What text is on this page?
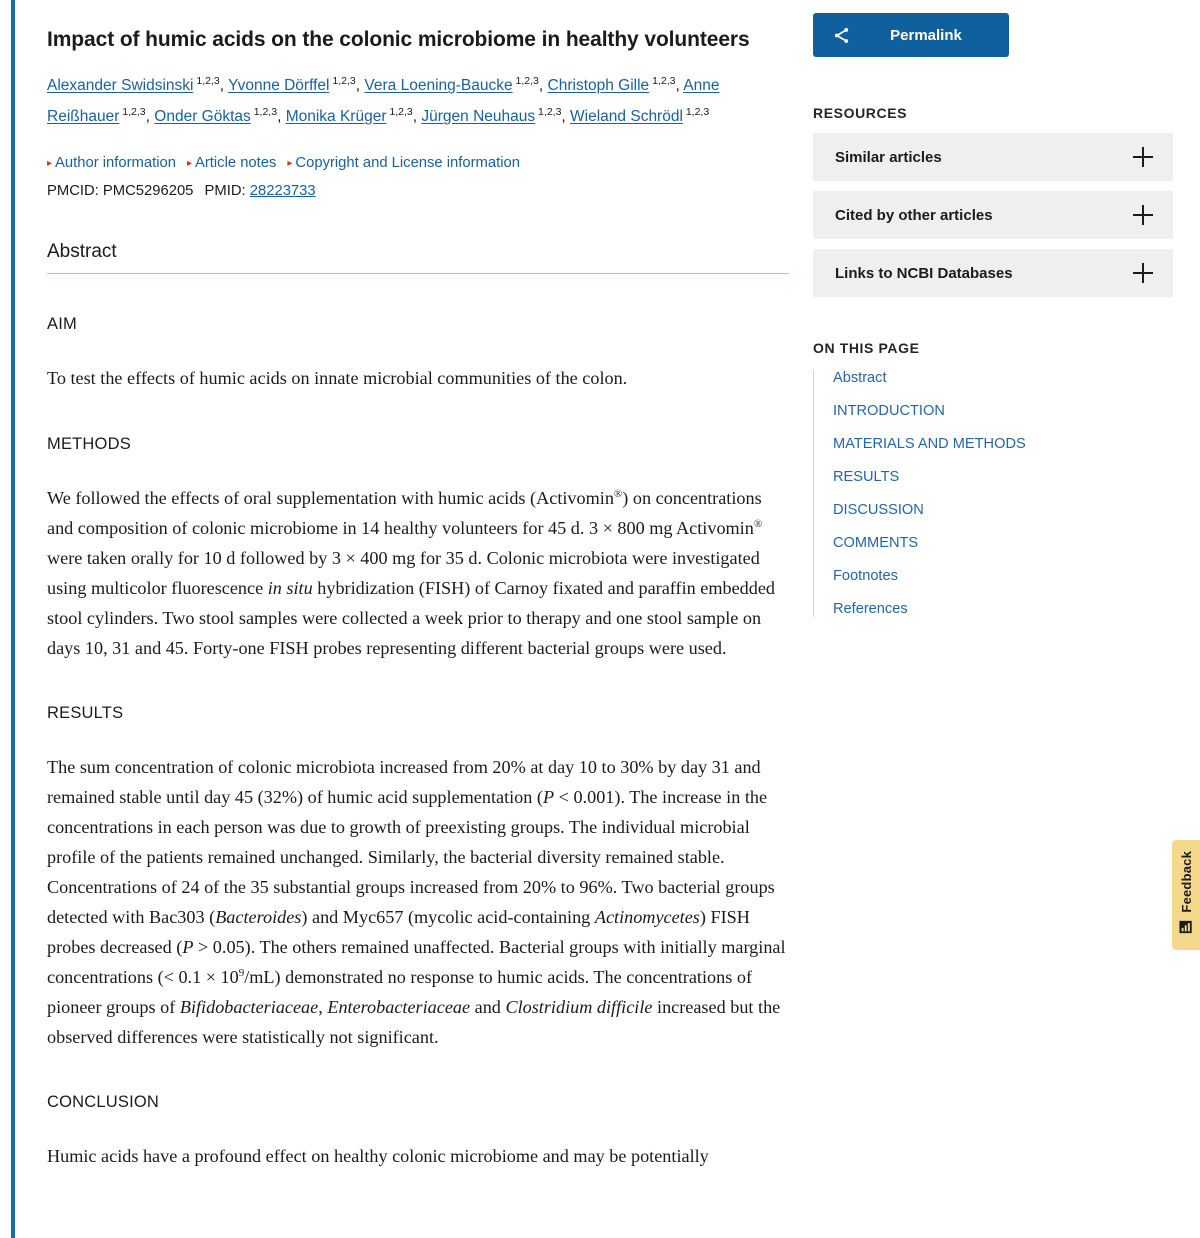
Impact of humic acids on the colonic microbiome in healthy volunteers
Alexander Swidsinski $^{1,2,3}$, Yvonne Dörffel $^{1,2,3}$, Vera Loening-Baucke $^{1,2,3}$, Christoph Gille $^{1,2,3}$, Anne Reißhauer $^{1,2,3}$, Onder Göktas $^{1,2,3}$, Monika Krüger $^{1,2,3}$, Jürgen Neuhaus $^{1,2,3}$, Wieland Schrödl $^{1,2,3}$
▸ Author information ▸ Article notes ▸ Copyright and License information
PMCID: PMC5296205 PMID: 28223733
Abstract
AIM

To test the effects of humic acids on innate microbial communities of the colon.

METHODS

We followed the effects of oral supplementation with humic acids (Activomin®) on concentrations and composition of colonic microbiome in 14 healthy volunteers for 45 d. 3 × 800 mg Activomin® were taken orally for 10 d followed by 3 × 400 mg for 35 d. Colonic microbiota were investigated using multicolor fluorescence in situ hybridization (FISH) of Carnoy fixated and paraffin embedded stool cylinders. Two stool samples were collected a week prior to therapy and one stool sample on days 10, 31 and 45. Forty-one FISH probes representing different bacterial groups were used.

RESULTS

The sum concentration of colonic microbiota increased from 20% at day 10 to 30% by day 31 and remained stable until day 45 (32%) of humic acid supplementation (P < 0.001). The increase in the concentrations in each person was due to growth of preexisting groups. The individual microbial profile of the patients remained unchanged. Similarly, the bacterial diversity remained stable. Concentrations of 24 of the 35 substantial groups increased from 20% to 96%. Two bacterial groups detected with Bac303 (Bacteroides) and Myc657 (mycolic acid-containing Actinomycetes) FISH probes decreased (P > 0.05). The others remained unaffected. Bacterial groups with initially marginal concentrations (< $0.1 \times 10^9/mL$) demonstrated no response to humic acids. The concentrations of pioneer groups of Bifidobacteriaceae, Enterobacteriaceae and Clostridium difficile increased but the observed differences were statistically not significant.

CONCLUSION

Humic acids have a profound effect on healthy colonic microbiome and may be potentially

Permalink
RESOURCES
Similar articles
Cited by other articles
Links to NCBI Databases
ON THIS PAGE
Abstract
INTRODUCTION
MATERIALS AND METHODS
RESULTS
DISCUSSION
COMMENTS
Footnotes
References
Feedback
